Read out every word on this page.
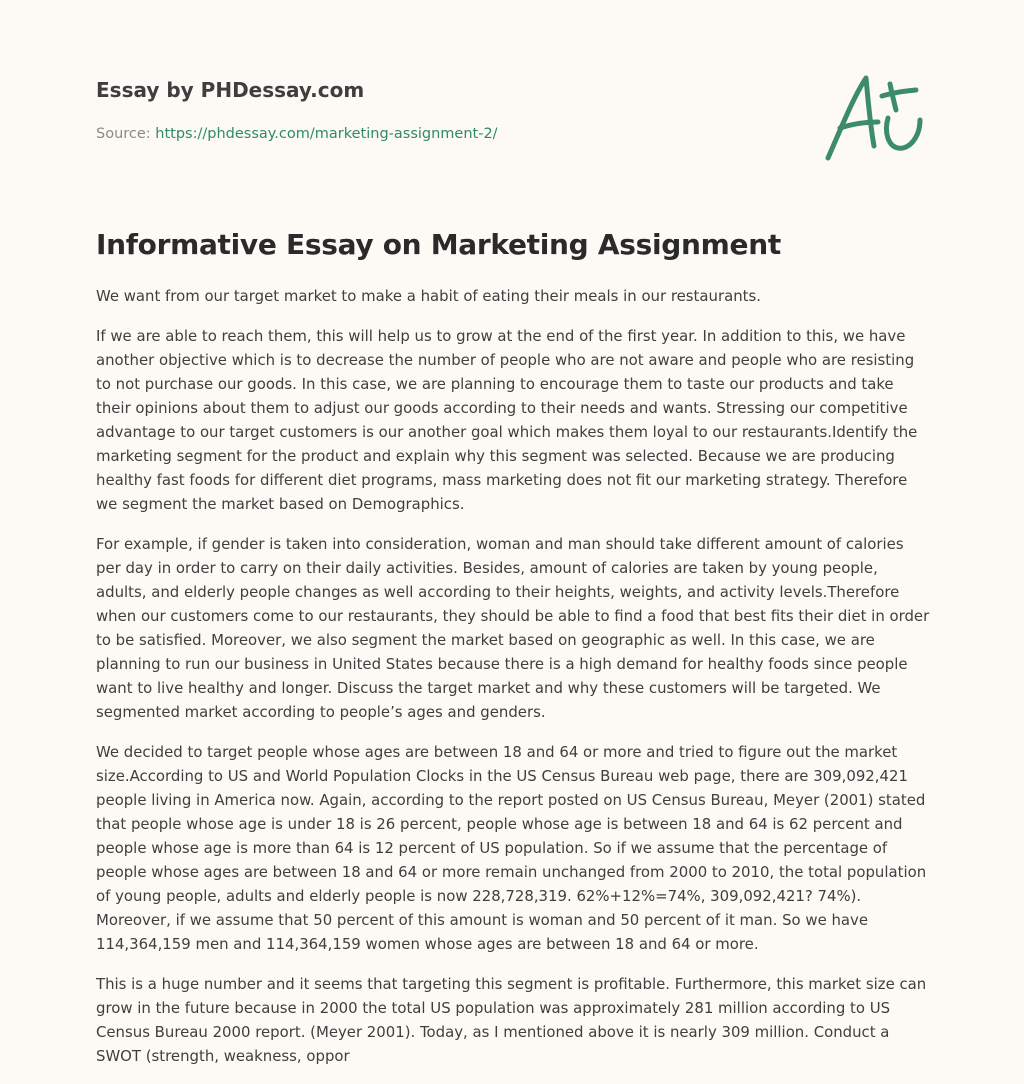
Essay by PHDessay.com
Source: https://phdessay.com/marketing-assignment-2/
Informative Essay on Marketing Assignment

We want from our target market to make a habit of eating their meals in our restaurants.

If we are able to reach them, this will help us to grow at the end of the first year. In addition to this, we have another objective which is to decrease the number of people who are not aware and people who are resisting to not purchase our goods. In this case, we are planning to encourage them to taste our products and take their opinions about them to adjust our goods according to their needs and wants. Stressing our competitive advantage to our target customers is our another goal which makes them loyal to our restaurants.Identify the marketing segment for the product and explain why this segment was selected. Because we are producing healthy fast foods for different diet programs, mass marketing does not fit our marketing strategy. Therefore we segment the market based on Demographics.

For example, if gender is taken into consideration, woman and man should take different amount of calories per day in order to carry on their daily activities. Besides, amount of calories are taken by young people, adults, and elderly people changes as well according to their heights, weights, and activity levels.Therefore when our customers come to our restaurants, they should be able to find a food that best fits their diet in order to be satisfied. Moreover, we also segment the market based on geographic as well. In this case, we are planning to run our business in United States because there is a high demand for healthy foods since people want to live healthy and longer. Discuss the target market and why these customers will be targeted. We segmented market according to people’s ages and genders.

We decided to target people whose ages are between 18 and 64 or more and tried to figure out the market size.According to US and World Population Clocks in the US Census Bureau web page, there are 309,092,421 people living in America now. Again, according to the report posted on US Census Bureau, Meyer (2001) stated that people whose age is under 18 is 26 percent, people whose age is between 18 and 64 is 62 percent and people whose age is more than 64 is 12 percent of US population. So if we assume that the percentage of people whose ages are between 18 and 64 or more remain unchanged from 2000 to 2010, the total population of young people, adults and elderly people is now 228,728,319. 62%+12%=74%, 309,092,421? 74%). Moreover, if we assume that 50 percent of this amount is woman and 50 percent of it man. So we have 114,364,159 men and 114,364,159 women whose ages are between 18 and 64 or more.

This is a huge number and it seems that targeting this segment is profitable. Furthermore, this market size can grow in the future because in 2000 the total US population was approximately 281 million according to US Census Bureau 2000 report. (Meyer 2001). Today, as I mentioned above it is nearly 309 million. Conduct a SWOT (strength, weakness, oppor
